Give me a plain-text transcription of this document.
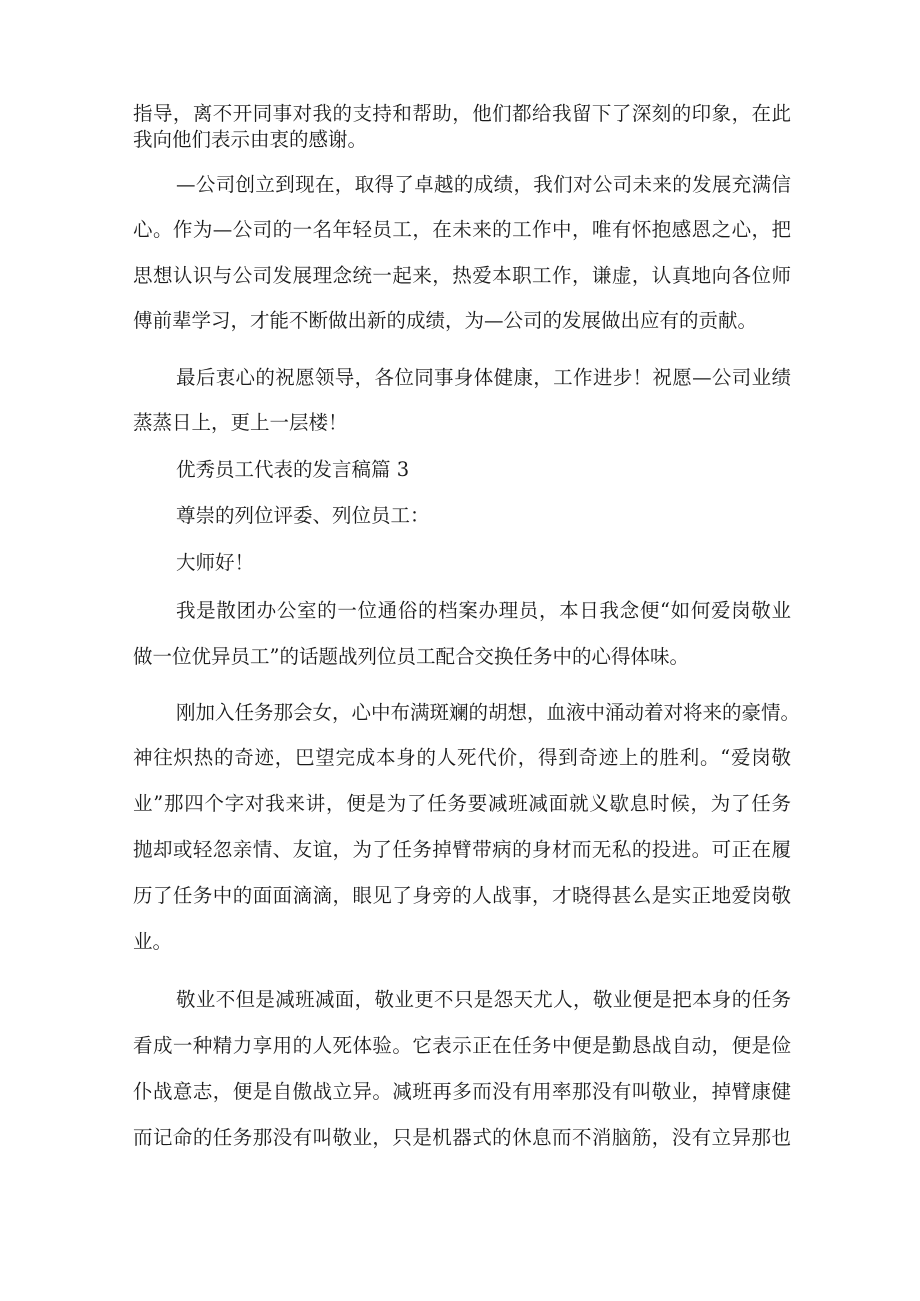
指导，离不开同事对我的支持和帮助，他们都给我留下了深刻的印象，在此
我向他们表示由衷的感谢。
—公司创立到现在，取得了卓越的成绩，我们对公司未来的发展充满信
心。作为—公司的一名年轻员工，在未来的工作中，唯有怀抱感恩之心，把
思想认识与公司发展理念统一起来，热爱本职工作，谦虚，认真地向各位师
傅前辈学习，才能不断做出新的成绩，为—公司的发展做出应有的贡献。
最后衷心的祝愿领导，各位同事身体健康，工作进步！祝愿—公司业绩
蒸蒸日上，更上一层楼！
优秀员工代表的发言稿篇 3
尊崇的列位评委、列位员工：
大师好！
我是散团办公室的一位通俗的档案办理员，本日我念便“如何爱岗敬业
做一位优异员工”的话题战列位员工配合交换任务中的心得体味。
刚加入任务那会女，心中布满斑斓的胡想，血液中涌动着对将来的豪情。
神往炽热的奇迹，巴望完成本身的人死代价，得到奇迹上的胜利。“爱岗敬
业”那四个字对我来讲，便是为了任务要减班减面就义歇息时候，为了任务
抛却或轻忽亲情、友谊，为了任务掉臂带病的身材而无私的投进。可正在履
历了任务中的面面滴滴，眼见了身旁的人战事，才晓得甚么是实正地爱岗敬
业。
敬业不但是减班减面，敬业更不只是怨天尤人，敬业便是把本身的任务
看成一种精力享用的人死体验。它表示正在任务中便是勤恳战自动，便是俭
仆战意志，便是自傲战立异。减班再多而没有用率那没有叫敬业，掉臂康健
而记命的任务那没有叫敬业，只是机器式的休息而不消脑筋，没有立异那也
